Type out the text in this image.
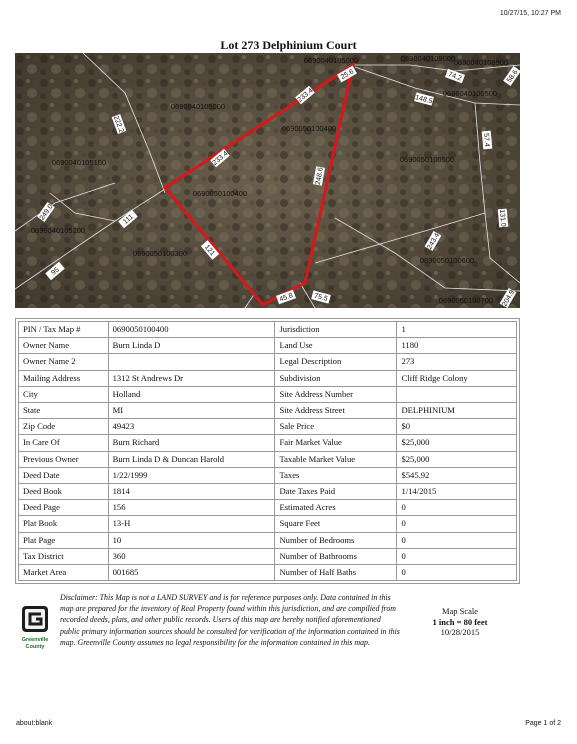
10/27/15, 10:27 PM
Lot 273 Delphinium Court
0690040105000	0690040109000
0690040108900
0686040100500
0690040105000
0690050100400
0690050100500
0690040105100
0690050100400
0690040105200
0690050100300
0690050100600
0690050100700
25.6	74.2	58.6
233.4	148.5
222.2
57.4
233.4
248.6
249.0	111	131.0
243.4
121
95
45.8	75.5	204.9
PIN / Tax Map #	0690050100400	Jurisdiction	1
Owner Name	Burn Linda D	Land Use	1180
Owner Name 2		Legal Description	273
Mailing Address	1312 St Andrews Dr	Subdivision	Cliff Ridge Colony
City	Holland	Site Address Number	
State	MI	Site Address Street	DELPHINIUM
Zip Code	49423	Sale Price	$0
In Care Of	Burn Richard	Fair Market Value	$25,000
Previous Owner	Burn Linda D & Duncan Harold	Taxable Market Value	$25,000
Deed Date	1/22/1999	Taxes	$545.92
Deed Book	1814	Date Taxes Paid	1/14/2015
Deed Page	156	Estimated Acres	0
Plat Book	13-H	Square Feet	0
Plat Page	10	Number of Bedrooms	0
Tax District	360	Number of Bathrooms	0
Market Area	001685	Number of Half Baths	0
Greenville
County
Disclaimer: This Map is not a LAND SURVEY and is for reference purposes only. Data contained in this map are prepared for the inventory of Real Property found within this jurisdiction, and are compilied from recorded deeds, plats, and other public records. Users of this map are hereby notified aforementioned public primary information sources should be consulted for verification of the information contained in this map. Greenville County assumes no legal responsibility for the information contained in this map.
Map Scale
1 inch = 80 feet
10/28/2015
about:blank	Page 1 of 2
